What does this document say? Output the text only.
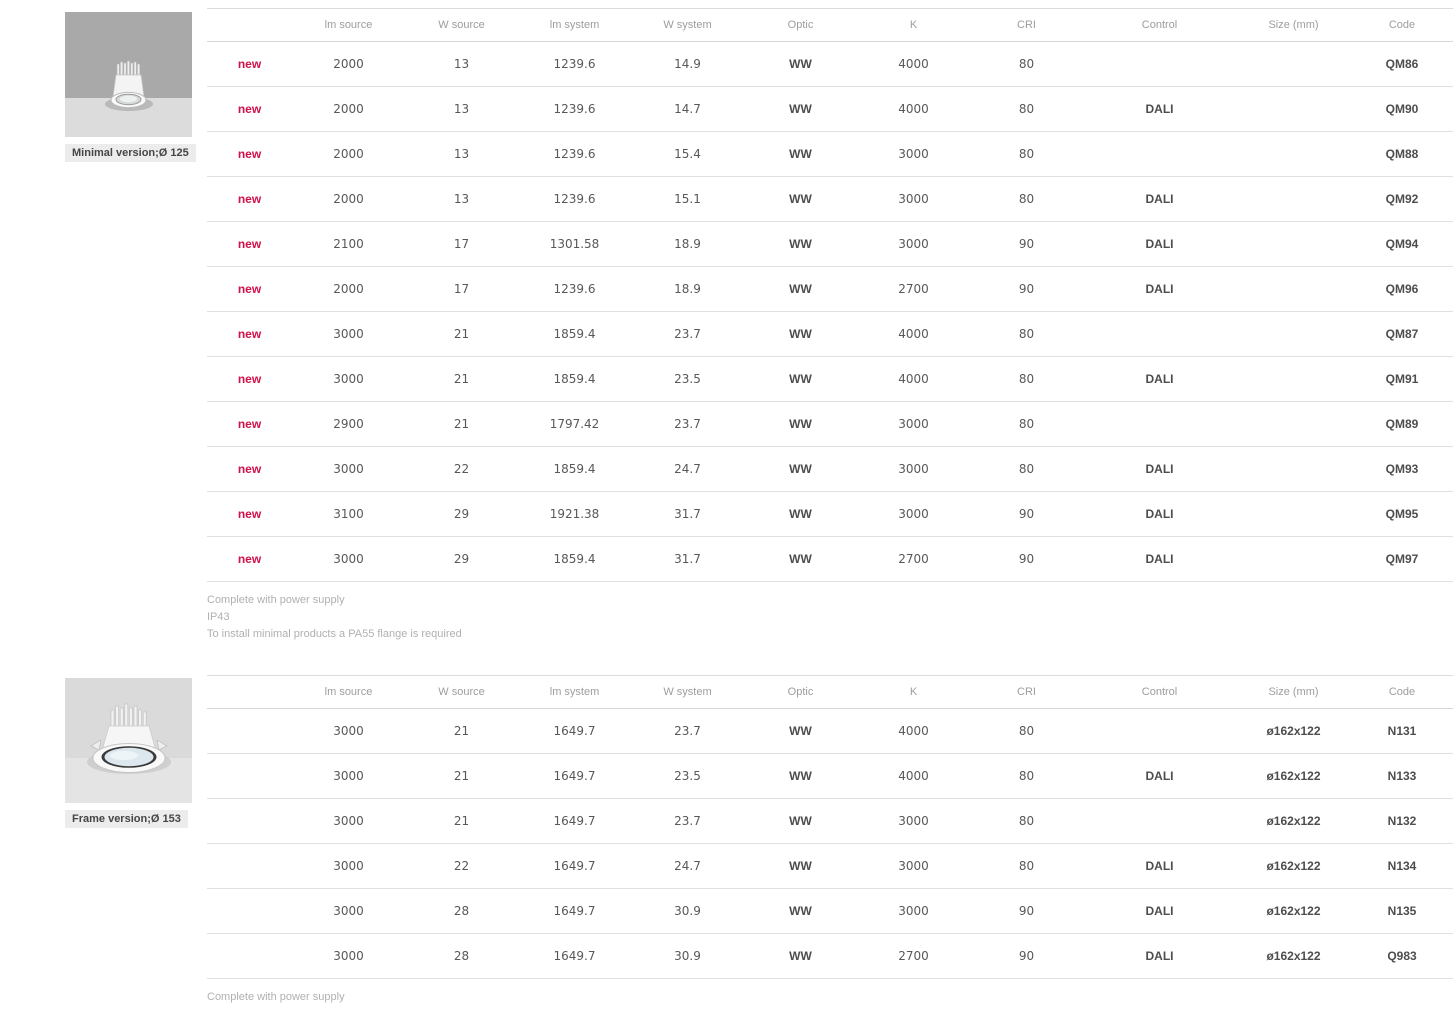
Minimal version;Ø 125
	lm source	W source	lm system	W system	Optic	K	CRI	Control	Size (mm)	Code
new	2000	13	1239.6	14.9	WW	4000	80			QM86
new	2000	13	1239.6	14.7	WW	4000	80	DALI		QM90
new	2000	13	1239.6	15.4	WW	3000	80			QM88
new	2000	13	1239.6	15.1	WW	3000	80	DALI		QM92
new	2100	17	1301.58	18.9	WW	3000	90	DALI		QM94
new	2000	17	1239.6	18.9	WW	2700	90	DALI		QM96
new	3000	21	1859.4	23.7	WW	4000	80			QM87
new	3000	21	1859.4	23.5	WW	4000	80	DALI		QM91
new	2900	21	1797.42	23.7	WW	3000	80			QM89
new	3000	22	1859.4	24.7	WW	3000	80	DALI		QM93
new	3100	29	1921.38	31.7	WW	3000	90	DALI		QM95
new	3000	29	1859.4	31.7	WW	2700	90	DALI		QM97
Complete with power supply
IP43
To install minimal products a PA55 flange is required
Frame version;Ø 153
	lm source	W source	lm system	W system	Optic	K	CRI	Control	Size (mm)	Code
	3000	21	1649.7	23.7	WW	4000	80		ø162x122	N131
	3000	21	1649.7	23.5	WW	4000	80	DALI	ø162x122	N133
	3000	21	1649.7	23.7	WW	3000	80		ø162x122	N132
	3000	22	1649.7	24.7	WW	3000	80	DALI	ø162x122	N134
	3000	28	1649.7	30.9	WW	3000	90	DALI	ø162x122	N135
	3000	28	1649.7	30.9	WW	2700	90	DALI	ø162x122	Q983
Complete with power supply
